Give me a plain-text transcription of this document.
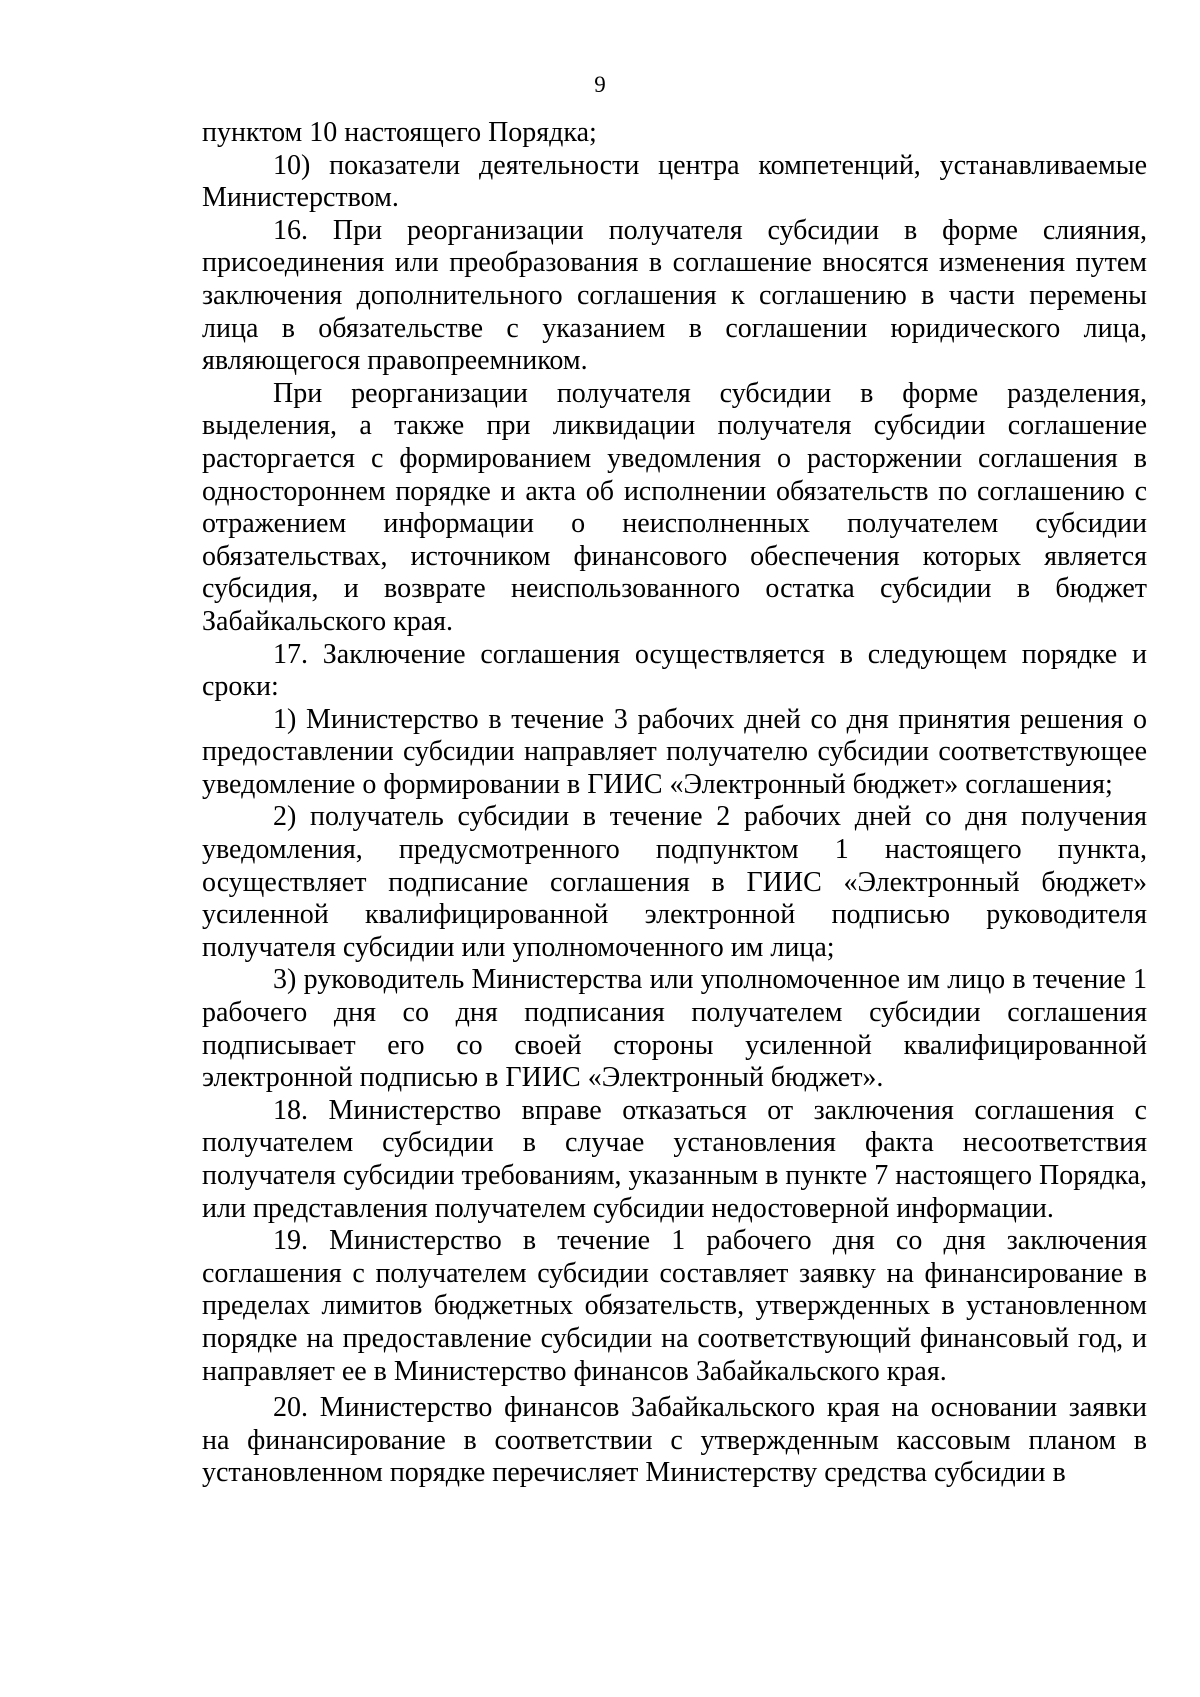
9

пунктом 10 настоящего Порядка;

10) показатели деятельности центра компетенций, устанавливаемые Министерством.

16. При реорганизации получателя субсидии в форме слияния, присоединения или преобразования в соглашение вносятся изменения путем заключения дополнительного соглашения к соглашению в части перемены лица в обязательстве с указанием в соглашении юридического лица, являющегося правопреемником.

При реорганизации получателя субсидии в форме разделения, выделения, а также при ликвидации получателя субсидии соглашение расторгается с формированием уведомления о расторжении соглашения в одностороннем порядке и акта об исполнении обязательств по соглашению с отражением информации о неисполненных получателем субсидии обязательствах, источником финансового обеспечения которых является субсидия, и возврате неиспользованного остатка субсидии в бюджет Забайкальского края.

17. Заключение соглашения осуществляется в следующем порядке и сроки:

1) Министерство в течение 3 рабочих дней со дня принятия решения о предоставлении субсидии направляет получателю субсидии соответствующее уведомление о формировании в ГИИС «Электронный бюджет» соглашения;

2) получатель субсидии в течение 2 рабочих дней со дня получения уведомления, предусмотренного подпунктом 1 настоящего пункта, осуществляет подписание соглашения в ГИИС «Электронный бюджет» усиленной квалифицированной электронной подписью руководителя получателя субсидии или уполномоченного им лица;

3) руководитель Министерства или уполномоченное им лицо в течение 1 рабочего дня со дня подписания получателем субсидии соглашения подписывает его со своей стороны усиленной квалифицированной электронной подписью в ГИИС «Электронный бюджет».

18. Министерство вправе отказаться от заключения соглашения с получателем субсидии в случае установления факта несоответствия получателя субсидии требованиям, указанным в пункте 7 настоящего Порядка, или представления получателем субсидии недостоверной информации.

19. Министерство в течение 1 рабочего дня со дня заключения соглашения с получателем субсидии составляет заявку на финансирование в пределах лимитов бюджетных обязательств, утвержденных в установленном порядке на предоставление субсидии на соответствующий финансовый год, и направляет ее в Министерство финансов Забайкальского края.

20. Министерство финансов Забайкальского края на основании заявки на финансирование в соответствии с утвержденным кассовым планом в установленном порядке перечисляет Министерству средства субсидии в
